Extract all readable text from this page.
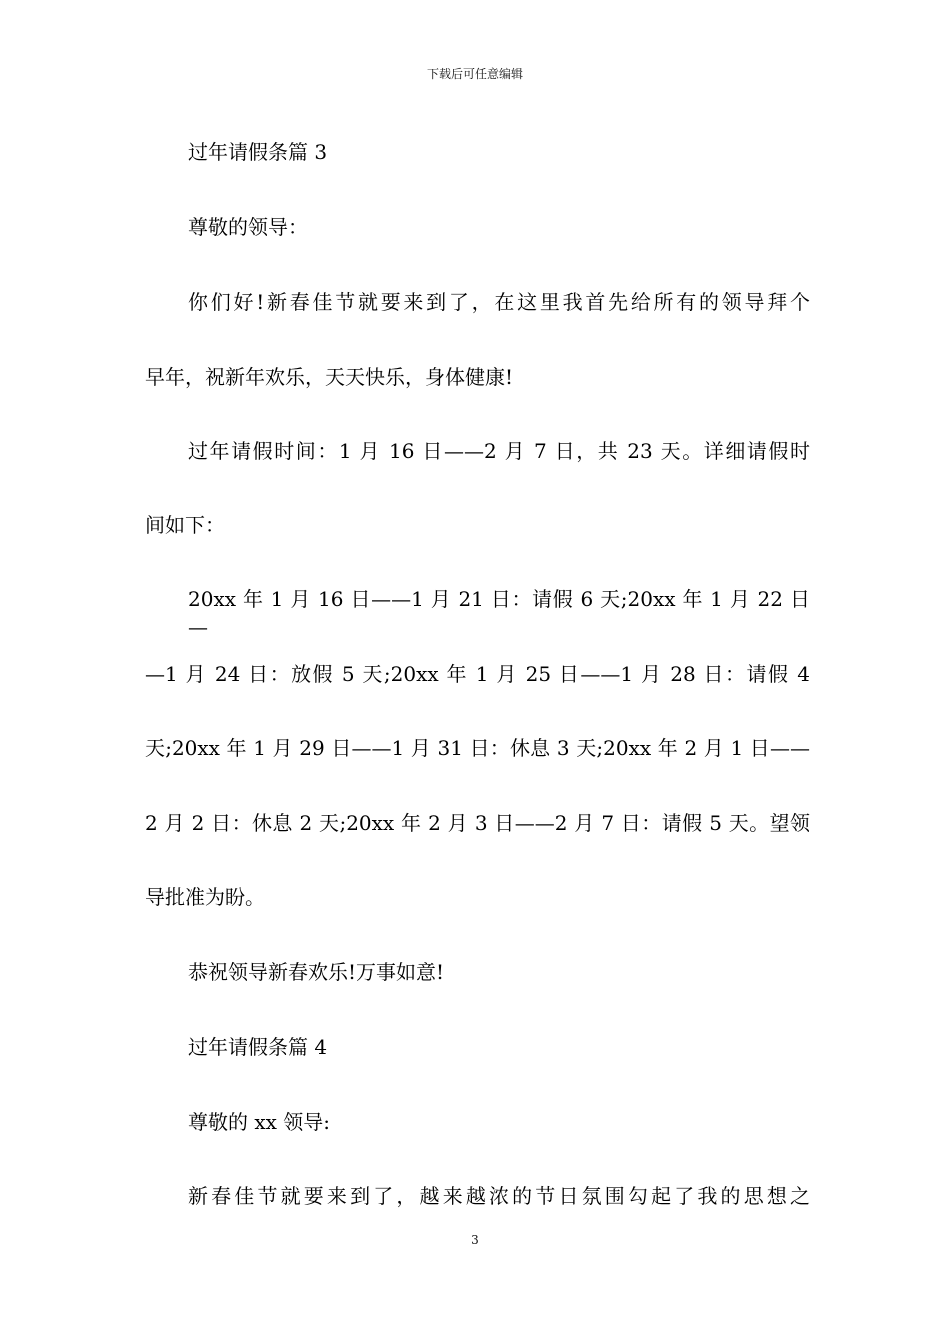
下载后可任意编辑
过年请假条篇 3
尊敬的领导：
你们好!新春佳节就要来到了，在这里我首先给所有的领导拜个
早年，祝新年欢乐，天天快乐，身体健康!
过年请假时间：1 月 16 日——2 月 7 日，共 23 天。详细请假时
间如下：
20xx 年 1 月 16 日——1 月 21 日：请假 6 天;20xx 年 1 月 22 日—
—1 月 24 日：放假 5 天;20xx 年 1 月 25 日——1 月 28 日：请假 4
天;20xx 年 1 月 29 日——1 月 31 日：休息 3 天;20xx 年 2 月 1 日——
2 月 2 日：休息 2 天;20xx 年 2 月 3 日——2 月 7 日：请假 5 天。望领
导批准为盼。
恭祝领导新春欢乐!万事如意!
过年请假条篇 4
尊敬的 xx 领导:
新春佳节就要来到了，越来越浓的节日氛围勾起了我的思想之
3
